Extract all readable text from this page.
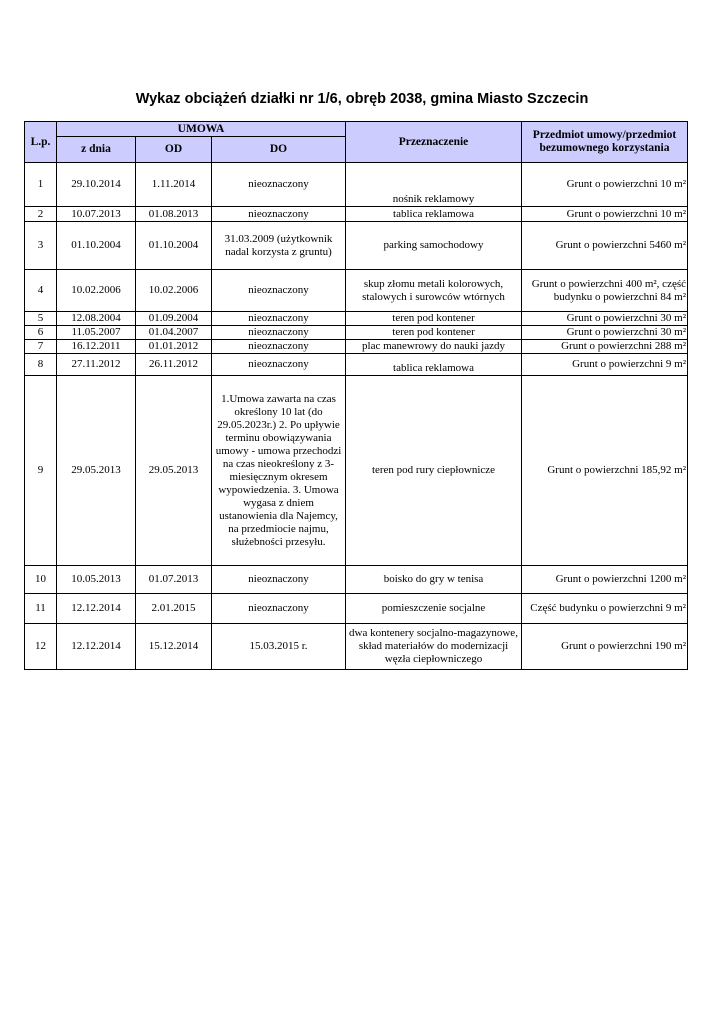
Wykaz obciążeń działki nr 1/6, obręb 2038, gmina Miasto Szczecin
L.p.	UMOWA			Przeznaczenie	Przedmiot umowy/przedmiot bezumownego korzystania
	z dnia	OD	DO		
1	29.10.2014	1.11.2014	nieoznaczony	nośnik reklamowy	Grunt o powierzchni 10 m²
2	10.07.2013	01.08.2013	nieoznaczony	tablica reklamowa	Grunt o powierzchni 10 m²
3	01.10.2004	01.10.2004	31.03.2009 (użytkownik nadal korzysta z gruntu)	parking samochodowy	Grunt o powierzchni 5460 m²
4	10.02.2006	10.02.2006	nieoznaczony	skup złomu metali kolorowych, stalowych i surowców wtórnych	Grunt o powierzchni 400 m², część budynku o powierzchni 84 m²
5	12.08.2004	01.09.2004	nieoznaczony	teren pod kontener	Grunt o powierzchni 30 m²
6	11.05.2007	01.04.2007	nieoznaczony	teren pod kontener	Grunt o powierzchni 30 m²
7	16.12.2011	01.01.2012	nieoznaczony	plac manewrowy do nauki jazdy	Grunt o powierzchni 288 m²
8	27.11.2012	26.11.2012	nieoznaczony	tablica reklamowa	Grunt o powierzchni 9 m²
9	29.05.2013	29.05.2013	1.Umowa zawarta na czas określony 10 lat (do 29.05.2023r.) 2. Po upływie terminu obowiązywania umowy - umowa przechodzi na czas nieokreślony z 3-miesięcznym okresem wypowiedzenia. 3. Umowa wygasa z dniem ustanowienia dla Najemcy, na przedmiocie najmu, służebności przesyłu.	teren pod rury ciepłownicze	Grunt o powierzchni 185,92 m²
10	10.05.2013	01.07.2013	nieoznaczony	boisko do gry w tenisa	Grunt o powierzchni 1200 m²
11	12.12.2014	2.01.2015	nieoznaczony	pomieszczenie socjalne	Część budynku o powierzchni 9 m²
12	12.12.2014	15.12.2014	15.03.2015 r.	dwa kontenery socjalno-magazynowe, skład materiałów do modernizacji węzła ciepłowniczego	Grunt o powierzchni 190 m²
